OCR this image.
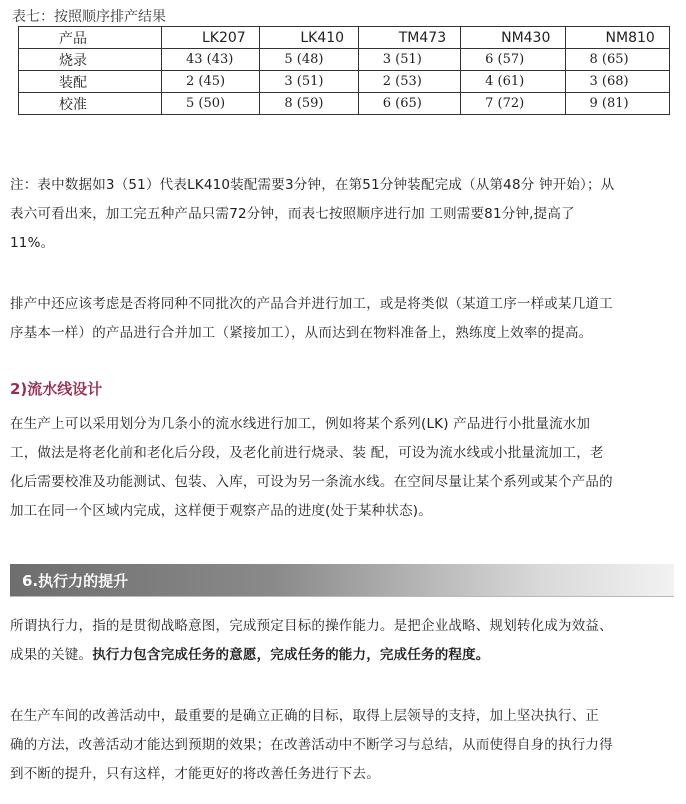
表七：按照顺序排产结果
产品	LK207	LK410	TM473	NM430	NM810
烧录	43 (43)	5 (48)	3 (51)	6 (57)	8 (65)
装配	2 (45)	3 (51)	2 (53)	4 (61)	3 (68)
校准	5 (50)	8 (59)	6 (65)	7 (72)	9 (81)
注：表中数据如3（51）代表LK410装配需要3分钟，在第51分钟装配完成（从第48分 钟开始）；从
表六可看出来，加工完五种产品只需72分钟，而表七按照顺序进行加 工则需要81分钟,提高了
11%。
排产中还应该考虑是否将同种不同批次的产品合并进行加工，或是将类似（某道工序一样或某几道工
序基本一样）的产品进行合并加工（紧接加工），从而达到在物料准备上，熟练度上效率的提高。
2)流水线设计
在生产上可以采用划分为几条小的流水线进行加工，例如将某个系列(LK) 产品进行小批量流水加
工，做法是将老化前和老化后分段，及老化前进行烧录、装 配，可设为流水线或小批量流加工，老
化后需要校准及功能测试、包装、入库，可设为另一条流水线。在空间尽量让某个系列或某个产品的
加工在同一个区域内完成，这样便于观察产品的进度(处于某种状态)。
6.执行力的提升
所谓执行力，指的是贯彻战略意图，完成预定目标的操作能力。是把企业战略、规划转化成为效益、
成果的关键。执行力包含完成任务的意愿，完成任务的能力，完成任务的程度。
在生产车间的改善活动中，最重要的是确立正确的目标，取得上层领导的支持，加上坚决执行、正
确的方法，改善活动才能达到预期的效果；在改善活动中不断学习与总结，从而使得自身的执行力得
到不断的提升，只有这样，才能更好的将改善任务进行下去。
